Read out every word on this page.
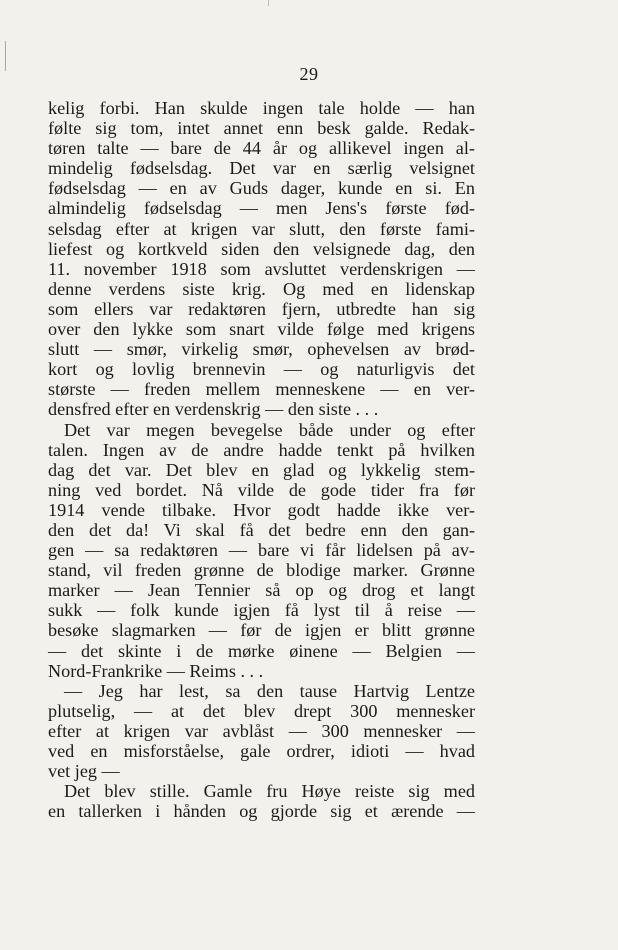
29
kelig forbi. Han skulde ingen tale holde — han
følte sig tom, intet annet enn besk galde. Redak-
tøren talte — bare de 44 år og allikevel ingen al-
mindelig fødselsdag. Det var en særlig velsignet
fødselsdag — en av Guds dager, kunde en si. En
almindelig fødselsdag — men Jens's første fød-
selsdag efter at krigen var slutt, den første fami-
liefest og kortkveld siden den velsignede dag, den
11. november 1918 som avsluttet verdenskrigen —
denne verdens siste krig. Og med en lidenskap
som ellers var redaktøren fjern, utbredte han sig
over den lykke som snart vilde følge med krigens
slutt — smør, virkelig smør, ophevelsen av brød-
kort og lovlig brennevin — og naturligvis det
største — freden mellem menneskene — en ver-
densfred efter en verdenskrig — den siste . . .
Det var megen bevegelse både under og efter
talen. Ingen av de andre hadde tenkt på hvilken
dag det var. Det blev en glad og lykkelig stem-
ning ved bordet. Nå vilde de gode tider fra før
1914 vende tilbake. Hvor godt hadde ikke ver-
den det da! Vi skal få det bedre enn den gan-
gen — sa redaktøren — bare vi får lidelsen på av-
stand, vil freden grønne de blodige marker. Grønne
marker — Jean Tennier så op og drog et langt
sukk — folk kunde igjen få lyst til å reise —
besøke slagmarken — før de igjen er blitt grønne
— det skinte i de mørke øinene — Belgien —
Nord-Frankrike — Reims . . .
— Jeg har lest, sa den tause Hartvig Lentze
plutselig, — at det blev drept 300 mennesker
efter at krigen var avblåst — 300 mennesker —
ved en misforståelse, gale ordrer, idioti — hvad
vet jeg —
Det blev stille. Gamle fru Høye reiste sig med
en tallerken i hånden og gjorde sig et ærende —
